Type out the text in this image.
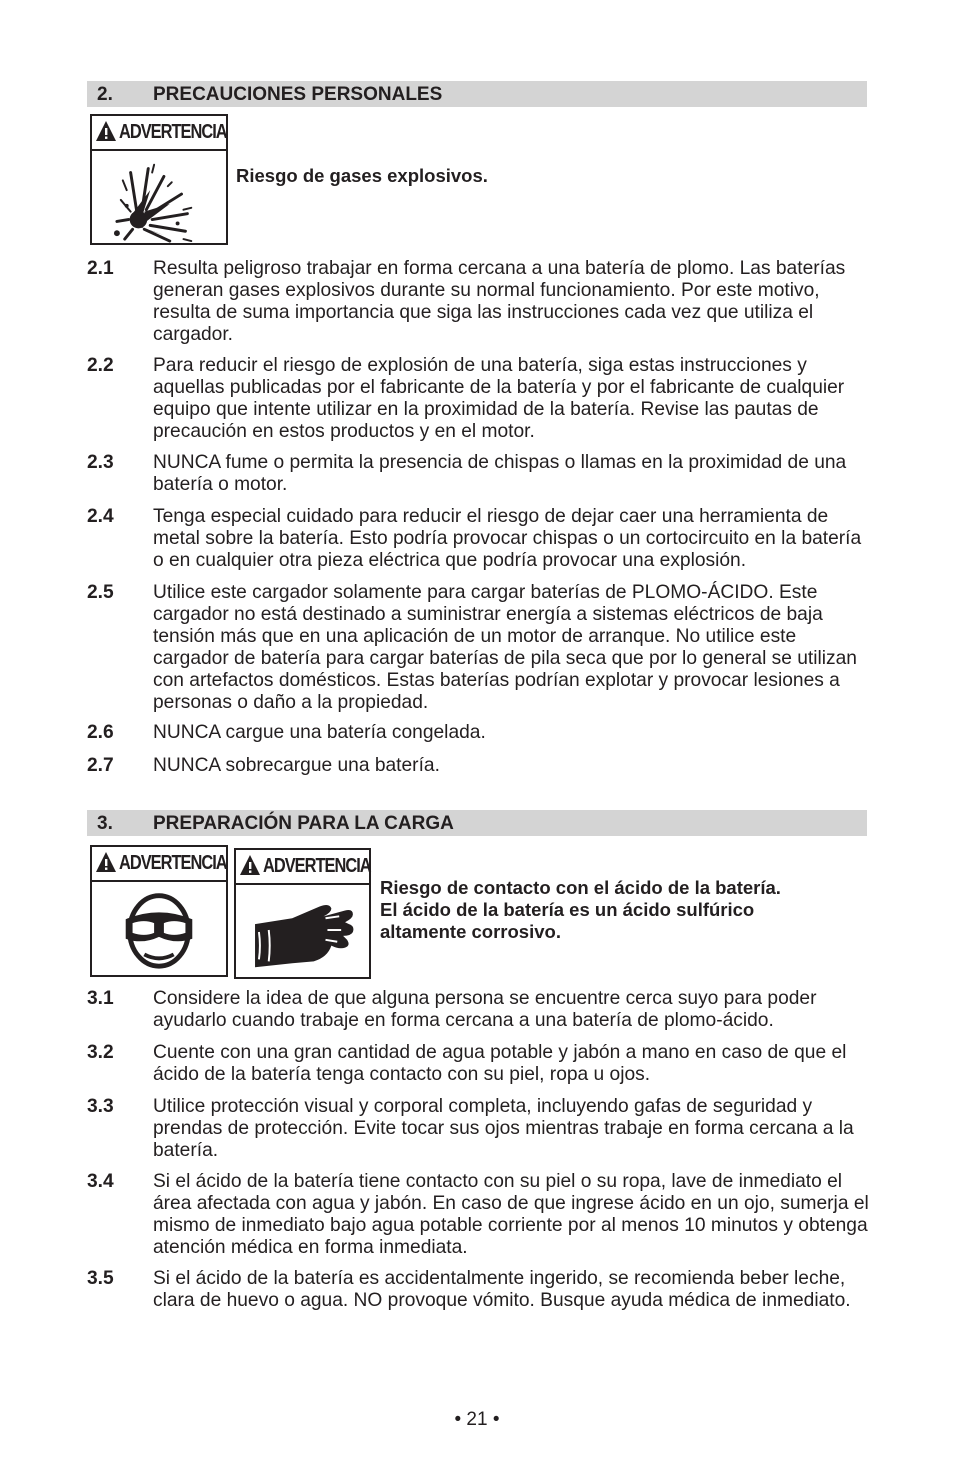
2. PRECAUCIONES PERSONALES
ADVERTENCIA
Riesgo de gases explosivos.
2.1 Resulta peligroso trabajar en forma cercana a una batería de plomo. Las baterías generan gases explosivos durante su normal funcionamiento. Por este motivo, resulta de suma importancia que siga las instrucciones cada vez que utiliza el cargador.
2.2 Para reducir el riesgo de explosión de una batería, siga estas instrucciones y aquellas publicadas por el fabricante de la batería y por el fabricante de cualquier equipo que intente utilizar en la proximidad de la batería. Revise las pautas de precaución en estos productos y en el motor.
2.3 NUNCA fume o permita la presencia de chispas o llamas en la proximidad de una batería o motor.
2.4 Tenga especial cuidado para reducir el riesgo de dejar caer una herramienta de metal sobre la batería. Esto podría provocar chispas o un cortocircuito en la batería o en cualquier otra pieza eléctrica que podría provocar una explosión.
2.5 Utilice este cargador solamente para cargar baterías de PLOMO-ÁCIDO. Este cargador no está destinado a suministrar energía a sistemas eléctricos de baja tensión más que en una aplicación de un motor de arranque. No utilice este cargador de batería para cargar baterías de pila seca que por lo general se utilizan con artefactos domésticos. Estas baterías podrían explotar y provocar lesiones a personas o daño a la propiedad.
2.6 NUNCA cargue una batería congelada.
2.7 NUNCA sobrecargue una batería.
3. PREPARACIÓN PARA LA CARGA
ADVERTENCIA ADVERTENCIA
Riesgo de contacto con el ácido de la batería.
El ácido de la batería es un ácido sulfúrico
altamente corrosivo.
3.1 Considere la idea de que alguna persona se encuentre cerca suyo para poder ayudarlo cuando trabaje en forma cercana a una batería de plomo-ácido.
3.2 Cuente con una gran cantidad de agua potable y jabón a mano en caso de que el ácido de la batería tenga contacto con su piel, ropa u ojos.
3.3 Utilice protección visual y corporal completa, incluyendo gafas de seguridad y prendas de protección. Evite tocar sus ojos mientras trabaje en forma cercana a la batería.
3.4 Si el ácido de la batería tiene contacto con su piel o su ropa, lave de inmediato el área afectada con agua y jabón. En caso de que ingrese ácido en un ojo, sumerja el mismo de inmediato bajo agua potable corriente por al menos 10 minutos y obtenga atención médica en forma inmediata.
3.5 Si el ácido de la batería es accidentalmente ingerido, se recomienda beber leche, clara de huevo o agua. NO provoque vómito. Busque ayuda médica de inmediato.
• 21 •
